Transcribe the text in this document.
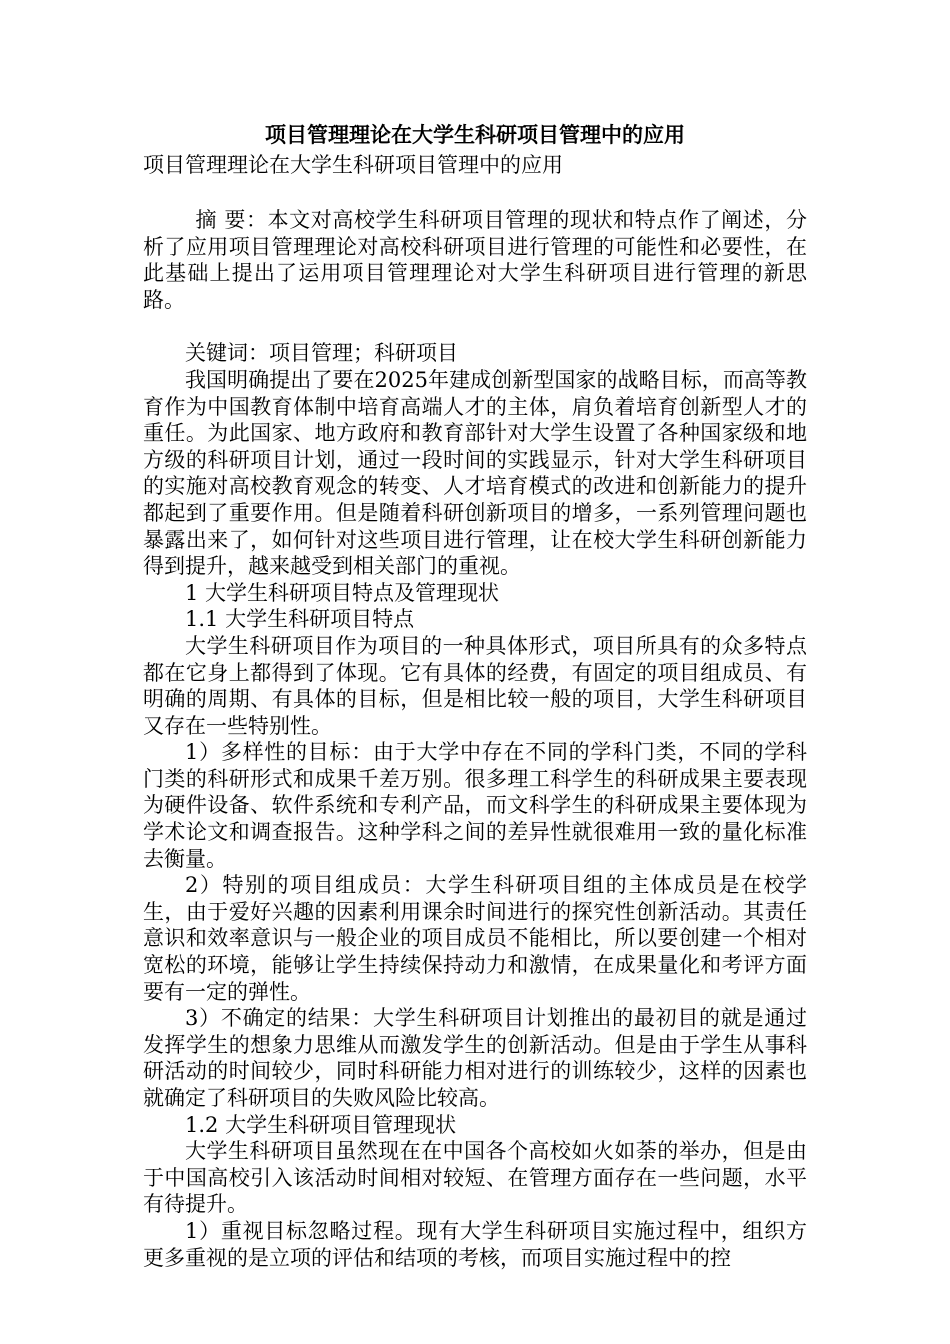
项目管理理论在大学生科研项目管理中的应用

项目管理理论在大学生科研项目管理中的应用

摘 要：本文对高校学生科研项目管理的现状和特点作了阐述，分析了应用项目管理理论对高校科研项目进行管理的可能性和必要性，在此基础上提出了运用项目管理理论对大学生科研项目进行管理的新思路。

关键词：项目管理；科研项目

我国明确提出了要在2025年建成创新型国家的战略目标，而高等教育作为中国教育体制中培育高端人才的主体，肩负着培育创新型人才的重任。为此国家、地方政府和教育部针对大学生设置了各种国家级和地方级的科研项目计划，通过一段时间的实践显示，针对大学生科研项目的实施对高校教育观念的转变、人才培育模式的改进和创新能力的提升都起到了重要作用。但是随着科研创新项目的增多，一系列管理问题也暴露出来了，如何针对这些项目进行管理，让在校大学生科研创新能力得到提升，越来越受到相关部门的重视。

1 大学生科研项目特点及管理现状

1.1 大学生科研项目特点

大学生科研项目作为项目的一种具体形式，项目所具有的众多特点都在它身上都得到了体现。它有具体的经费，有固定的项目组成员、有明确的周期、有具体的目标，但是相比较一般的项目，大学生科研项目又存在一些特别性。

1）多样性的目标：由于大学中存在不同的学科门类，不同的学科门类的科研形式和成果千差万别。很多理工科学生的科研成果主要表现为硬件设备、软件系统和专利产品，而文科学生的科研成果主要体现为学术论文和调查报告。这种学科之间的差异性就很难用一致的量化标准去衡量。

2）特别的项目组成员：大学生科研项目组的主体成员是在校学生，由于爱好兴趣的因素利用课余时间进行的探究性创新活动。其责任意识和效率意识与一般企业的项目成员不能相比，所以要创建一个相对宽松的环境，能够让学生持续保持动力和激情，在成果量化和考评方面要有一定的弹性。

3）不确定的结果：大学生科研项目计划推出的最初目的就是通过发挥学生的想象力思维从而激发学生的创新活动。但是由于学生从事科研活动的时间较少，同时科研能力相对进行的训练较少，这样的因素也就确定了科研项目的失败风险比较高。

1.2 大学生科研项目管理现状

大学生科研项目虽然现在在中国各个高校如火如荼的举办，但是由于中国高校引入该活动时间相对较短、在管理方面存在一些问题，水平有待提升。

1）重视目标忽略过程。现有大学生科研项目实施过程中，组织方更多重视的是立项的评估和结项的考核，而项目实施过程中的控
